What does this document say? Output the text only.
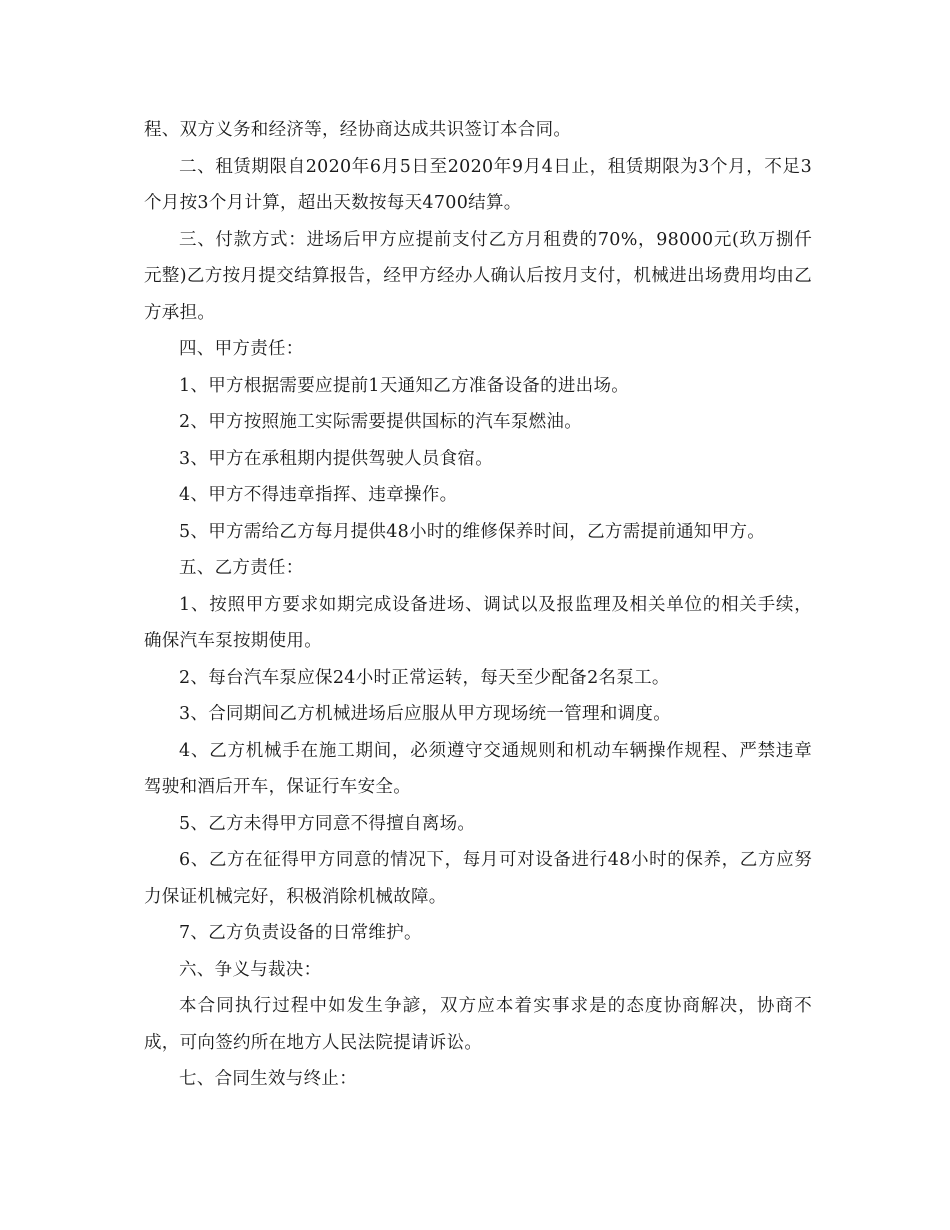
程、双方义务和经济等，经协商达成共识签订本合同。

二、租赁期限自2020年6月5日至2020年9月4日止，租赁期限为3个月，不足3个月按3个月计算，超出天数按每天4700结算。

三、付款方式：进场后甲方应提前支付乙方月租费的70%，98000元(玖万捌仟元整)乙方按月提交结算报告，经甲方经办人确认后按月支付，机械进出场费用均由乙方承担。

四、甲方责任：

1、甲方根据需要应提前1天通知乙方准备设备的进出场。

2、甲方按照施工实际需要提供国标的汽车泵燃油。

3、甲方在承租期内提供驾驶人员食宿。

4、甲方不得违章指挥、违章操作。

5、甲方需给乙方每月提供48小时的维修保养时间，乙方需提前通知甲方。

五、乙方责任：

1、按照甲方要求如期完成设备进场、调试以及报监理及相关单位的相关手续，确保汽车泵按期使用。

2、每台汽车泵应保24小时正常运转，每天至少配备2名泵工。

3、合同期间乙方机械进场后应服从甲方现场统一管理和调度。

4、乙方机械手在施工期间，必须遵守交通规则和机动车辆操作规程、严禁违章驾驶和酒后开车，保证行车安全。

5、乙方未得甲方同意不得擅自离场。

6、乙方在征得甲方同意的情况下，每月可对设备进行48小时的保养，乙方应努力保证机械完好，积极消除机械故障。

7、乙方负责设备的日常维护。

六、争义与裁决：

本合同执行过程中如发生争諺，双方应本着实事求是的态度协商解决，协商不成，可向签约所在地方人民法院提请诉讼。

七、合同生效与终止：
